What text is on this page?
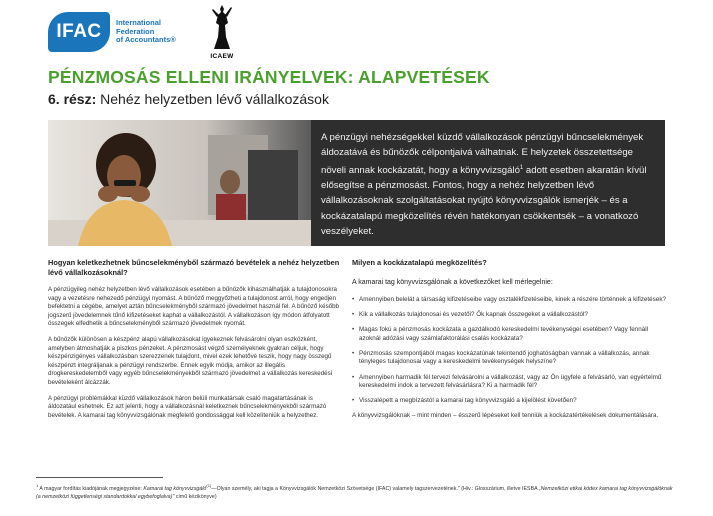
IFAC	International
Federation
of Accountants®
ICAEW
PÉNZMOSÁS ELLENI IRÁNYELVEK: ALAPVETÉSEK
6. rész: Nehéz helyzetben lévő vállalkozások
A pénzügyi nehézségekkel küzdő vállalkozások pénzügyi bűncselekmények áldozatává és bűnözők célpontjaivá válhatnak. E helyzetek összetettsége növeli annak kockázatát, hogy a könyvvizsgáló$^1$ adott esetben akaratán kívül elősegítse a pénzmosást. Fontos, hogy a nehéz helyzetben lévő vállalkozásoknak szolgáltatásokat nyújtó könyvvizsgálók ismerjék – és a kockázatalapú megközelítés révén hatékonyan csökkentsék – a vonatkozó veszélyeket.
Hogyan keletkezhetnek bűncselekményből származó bevételek a nehéz helyzetben lévő vállalkozásoknál?

A pénzügyileg nehéz helyzetben lévő vállalkozások esetében a bűnözők kihasználhatják a tulajdonosokra vagy a vezetésre nehezedő pénzügyi nyomást. A bűnöző meggyőzheti a tulajdonost arról, hogy engedjen befektetni a cégébe, amelyet aztán bűncselekményből származó jövedelmet használ fel. A bűnöző később jogszerű jövedelemnek tűnő kifizetéseket kaphat a vállalkozástól. A vállalkozáson így módon átfolyatott összegek elfedhetik a bűncselekményből származó jövedelmek nyomát.

A bűnözők különösen a készpénz alapú vállalkozásokat igyekeznek felvásárolni olyan eszközként, amelyben átmoshatják a piszkos pénzeket. A pénzmosást végző személyeknek gyakran céljuk, hogy készpénzigényes vállalkozásban szerezzenek tulajdont, mivel ezek lehetővé teszik, hogy nagy összegű készpénzt integráljanak a pénzügyi rendszerbe. Ennek egyik módja, amikor az illegális drogkereskedelemből vagy egyéb bűncselekményekből származó jövedelmet a vállalkozás kereskedési bevételeként álcázzák.

A pénzügyi problémákkal küzdő vállalkozások háron belüli munkatársak csaló magatartásának is áldozatául eshetnek. Ez azt jelenti, hogy a vállalkozásnál keletkeznek bűncselekményekből származó bevételek. A kamarai tag könyvvizsgálónak megfelelő gondossággal kell közelíteniük a helyzethez.

Milyen a kockázatalapú megközelítés?
A kamarai tag könyvvizsgálónak a következőket kell mérlegelnie:
• Amennyiben belelát a társaság kifizetéseibe vagy osztalékfizetéseibe, kinek a részére történnek a kifizetések?
• Kik a vállalkozás tulajdonosai és vezetői? Ők kapnak összegeket a vállalkozástól?
• Magas fokú a pénzmosás kockázata a gazdálkodó kereskedelmi tevékenységei esetében? Vagy fennáll azoknál adózási vagy számlafaktorálási csalás kockázata?
• Pénzmosás szempontjából magas kockázatúnak tekintendő joghatóságban vannak a vállalkozás, annak tényleges tulajdonosai vagy a kereskedelmi tevékenységek helyszíne?
• Amennyiben harmadik fél tervezi felvásárolni a vállalkozást, vagy az Ön ügyfele a felvásárló, van egyértelmű kereskedelmi indok a tervezett felvásárlásra? Ki a harmadik fél?
• Visszalépett a megbízástól a kamarai tag könyvvizsgáló a kijelölést követően?

A könyvvizsgálóknak – mint minden – ésszerű lépéseket kell tenniük a kockázatértékelések dokumentálására.

$^1$ A magyar fordítás kiadójának megjegyzése: Kamarai tag könyvvizsgáló$^{(1)}$—Olyan személy, aki tagja a Könyvvizsgálók Nemzetközi Szövetsége (IFAC) valamely tagszervezetének." (Hiv.: Glosszárium, illetve IESBA „Nemzetközi etikai kódex kamarai tag könyvvizsgálóknak (a nemzetközi függetlenségi standardokkal egybefoglalva)" című kézikönyve)
